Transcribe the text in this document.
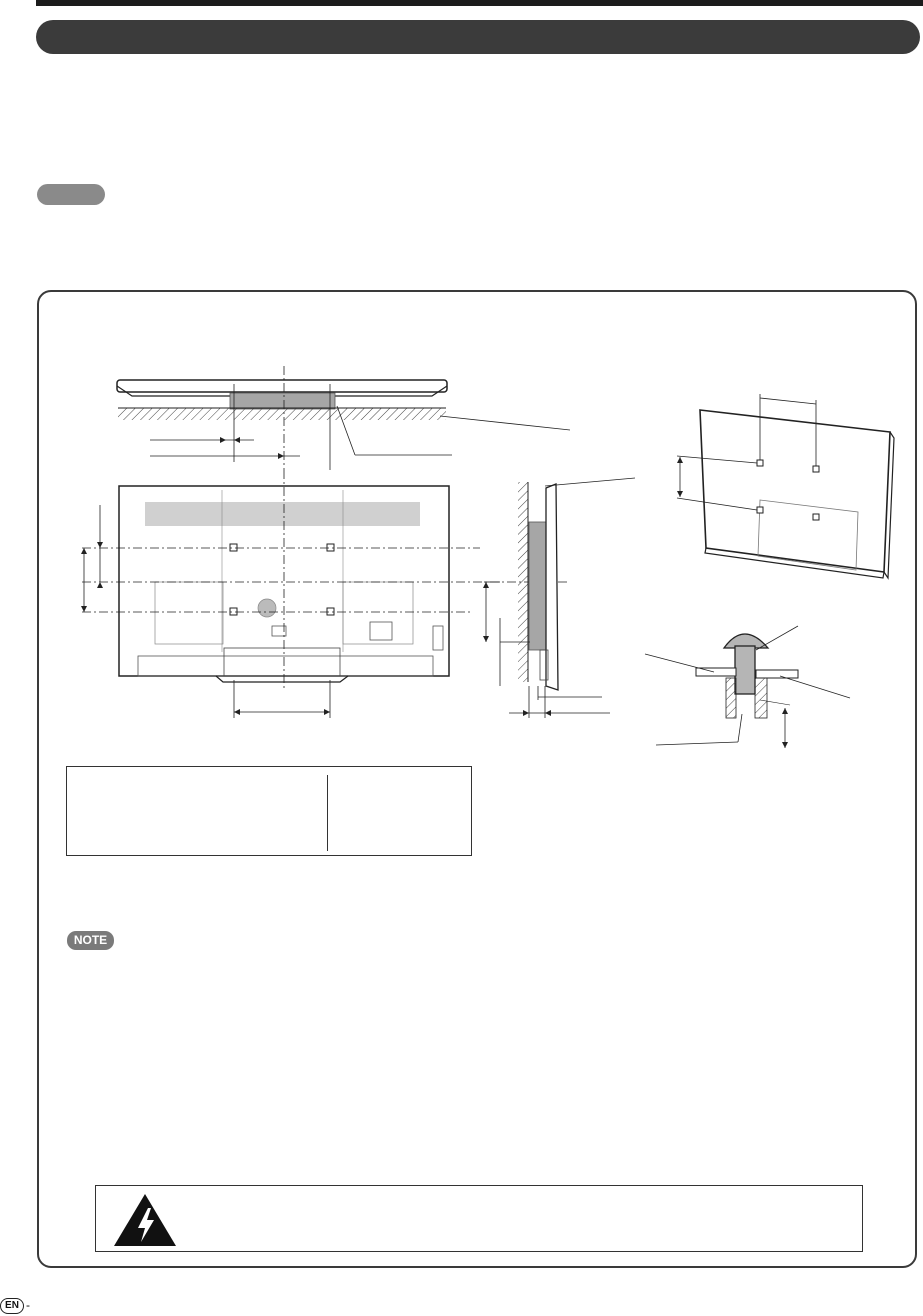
NOTE
EN -
